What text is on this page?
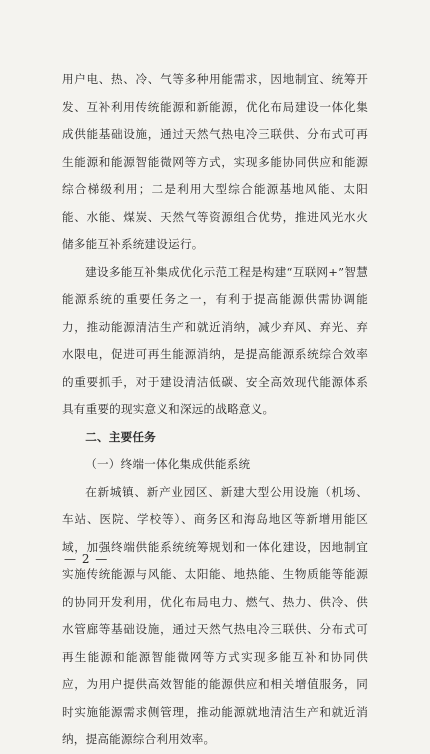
用户电、热、冷、气等多种用能需求，因地制宜、统筹开发、互补利用传统能源和新能源，优化布局建设一体化集成供能基础设施，通过天然气热电冷三联供、分布式可再生能源和能源智能微网等方式，实现多能协同供应和能源综合梯级利用；二是利用大型综合能源基地风能、太阳能、水能、煤炭、天然气等资源组合优势，推进风光水火储多能互补系统建设运行。

建设多能互补集成优化示范工程是构建“互联网+”智慧能源系统的重要任务之一，有利于提高能源供需协调能力，推动能源清洁生产和就近消纳，减少弃风、弃光、弃水限电，促进可再生能源消纳，是提高能源系统综合效率的重要抓手，对于建设清洁低碳、安全高效现代能源体系具有重要的现实意义和深远的战略意义。

二、主要任务

（一）终端一体化集成供能系统

在新城镇、新产业园区、新建大型公用设施（机场、车站、医院、学校等）、商务区和海岛地区等新增用能区域，加强终端供能系统统筹规划和一体化建设，因地制宜实施传统能源与风能、太阳能、地热能、生物质能等能源的协同开发利用，优化布局电力、燃气、热力、供冷、供水管廊等基础设施，通过天然气热电冷三联供、分布式可再生能源和能源智能微网等方式实现多能互补和协同供应，为用户提供高效智能的能源供应和相关增值服务，同时实施能源需求侧管理，推动能源就地清洁生产和就近消纳，提高能源综合利用效率。

— 2 —
